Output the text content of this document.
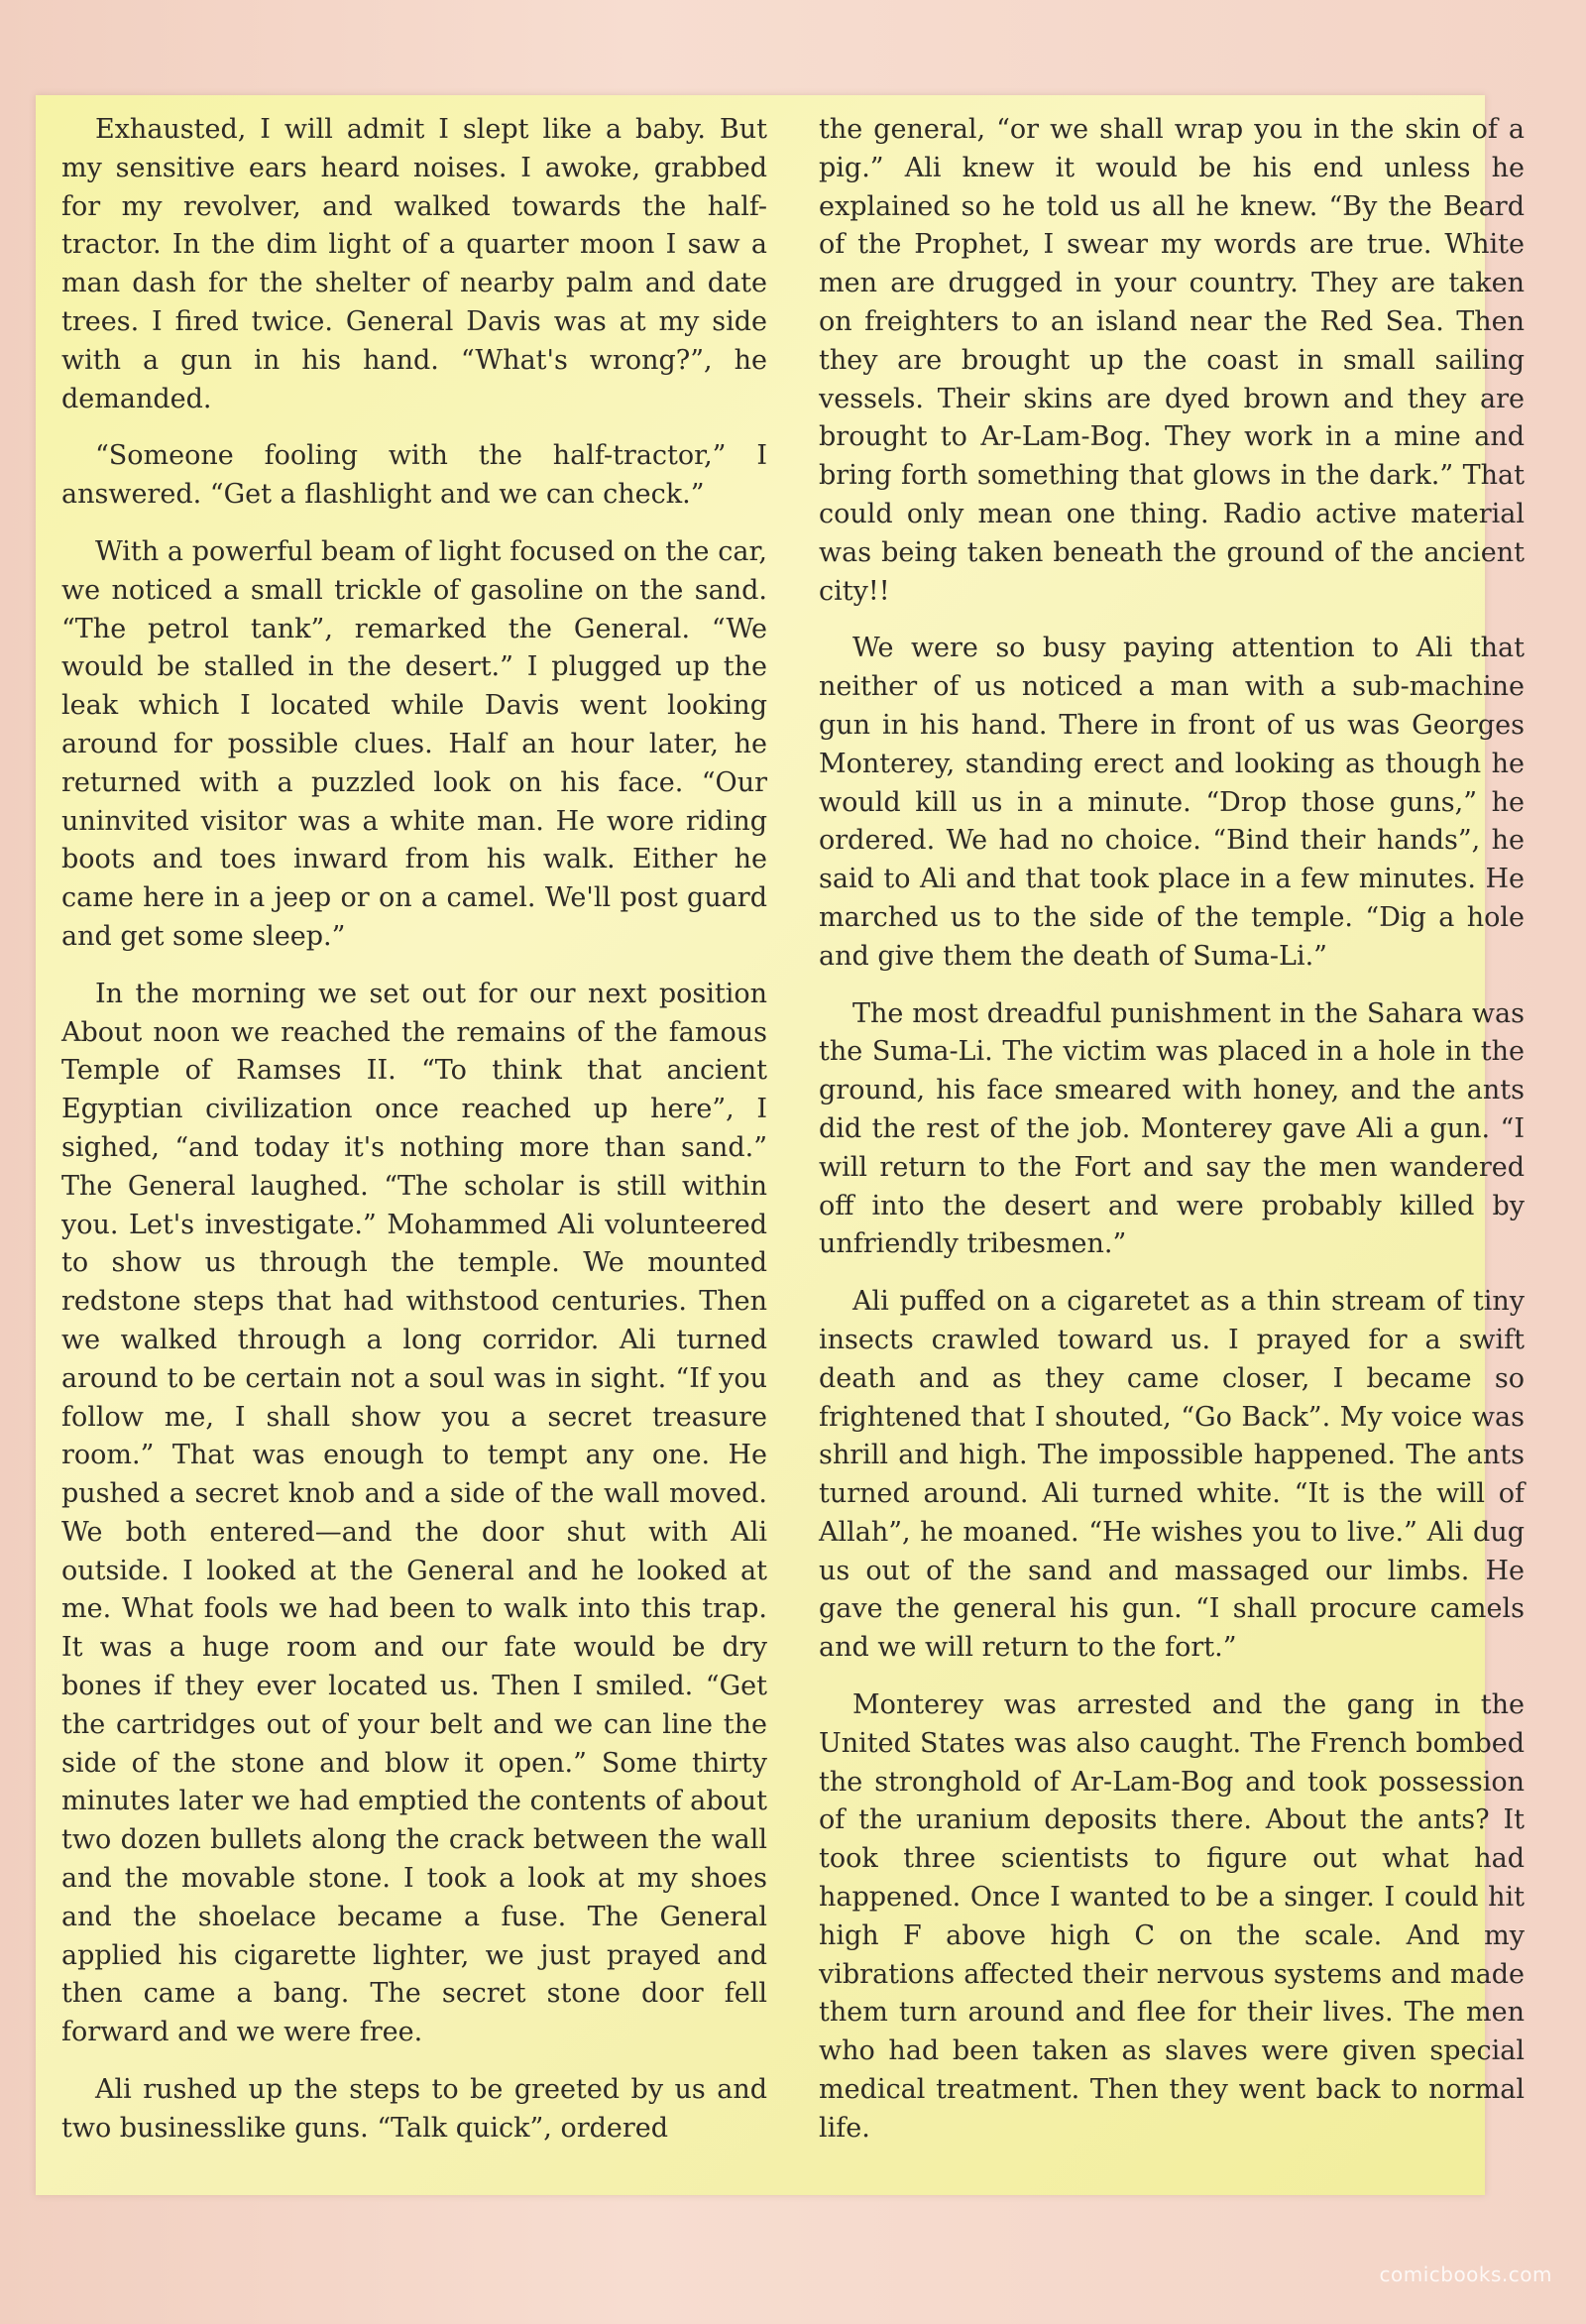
Exhausted, I will admit I slept like a baby. But my sensitive ears heard noises. I awoke, grabbed for my revolver, and walked towards the half-tractor. In the dim light of a quarter moon I saw a man dash for the shelter of nearby palm and date trees. I fired twice. General Davis was at my side with a gun in his hand. “What's wrong?”, he demanded.

“Someone fooling with the half-tractor,” I answered. “Get a flashlight and we can check.”

With a powerful beam of light focused on the car, we noticed a small trickle of gasoline on the sand. “The petrol tank”, remarked the General. “We would be stalled in the desert.” I plugged up the leak which I located while Davis went looking around for possible clues. Half an hour later, he returned with a puzzled look on his face. “Our uninvited visitor was a white man. He wore riding boots and toes inward from his walk. Either he came here in a jeep or on a camel. We'll post guard and get some sleep.”

In the morning we set out for our next position About noon we reached the remains of the famous Temple of Ramses II. “To think that ancient Egyptian civilization once reached up here”, I sighed, “and today it's nothing more than sand.” The General laughed. “The scholar is still within you. Let's investigate.” Mohammed Ali volunteered to show us through the temple. We mounted redstone steps that had withstood centuries. Then we walked through a long corridor. Ali turned around to be certain not a soul was in sight. “If you follow me, I shall show you a secret treasure room.” That was enough to tempt any one. He pushed a secret knob and a side of the wall moved. We both entered—and the door shut with Ali outside. I looked at the General and he looked at me. What fools we had been to walk into this trap. It was a huge room and our fate would be dry bones if they ever located us. Then I smiled. “Get the cartridges out of your belt and we can line the side of the stone and blow it open.” Some thirty minutes later we had emptied the contents of about two dozen bullets along the crack between the wall and the movable stone. I took a look at my shoes and the shoelace became a fuse. The General applied his cigarette lighter, we just prayed and then came a bang. The secret stone door fell forward and we were free.

Ali rushed up the steps to be greeted by us and two businesslike guns. “Talk quick”, ordered

the general, “or we shall wrap you in the skin of a pig.” Ali knew it would be his end unless he explained so he told us all he knew. “By the Beard of the Prophet, I swear my words are true. White men are drugged in your country. They are taken on freighters to an island near the Red Sea. Then they are brought up the coast in small sailing vessels. Their skins are dyed brown and they are brought to Ar-Lam-Bog. They work in a mine and bring forth something that glows in the dark.” That could only mean one thing. Radio active material was being taken beneath the ground of the ancient city!!

We were so busy paying attention to Ali that neither of us noticed a man with a sub-machine gun in his hand. There in front of us was Georges Monterey, standing erect and looking as though he would kill us in a minute. “Drop those guns,” he ordered. We had no choice. “Bind their hands”, he said to Ali and that took place in a few minutes. He marched us to the side of the temple. “Dig a hole and give them the death of Suma-Li.”

The most dreadful punishment in the Sahara was the Suma-Li. The victim was placed in a hole in the ground, his face smeared with honey, and the ants did the rest of the job. Monterey gave Ali a gun. “I will return to the Fort and say the men wandered off into the desert and were probably killed by unfriendly tribesmen.”

Ali puffed on a cigaretet as a thin stream of tiny insects crawled toward us. I prayed for a swift death and as they came closer, I became so frightened that I shouted, “Go Back”. My voice was shrill and high. The impossible happened. The ants turned around. Ali turned white. “It is the will of Allah”, he moaned. “He wishes you to live.” Ali dug us out of the sand and massaged our limbs. He gave the general his gun. “I shall procure camels and we will return to the fort.”

Monterey was arrested and the gang in the United States was also caught. The French bombed the stronghold of Ar-Lam-Bog and took possession of the uranium deposits there. About the ants? It took three scientists to figure out what had happened. Once I wanted to be a singer. I could hit high F above high C on the scale. And my vibrations affected their nervous systems and made them turn around and flee for their lives. The men who had been taken as slaves were given special medical treatment. Then they went back to normal life.

comicbooks.com
